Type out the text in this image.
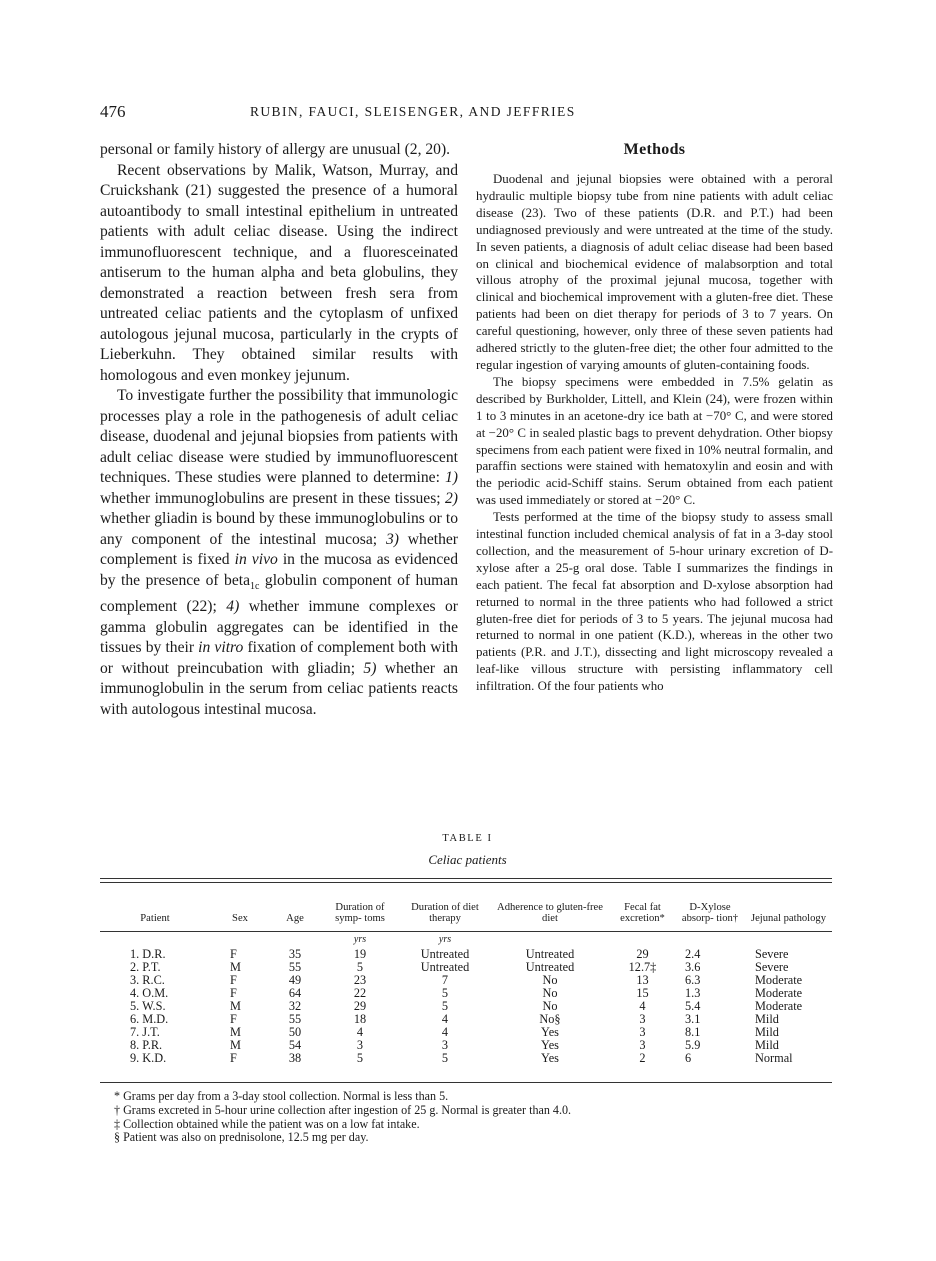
476	RUBIN, FAUCI, SLEISENGER, AND JEFFRIES

personal or family history of allergy are unusual (2, 20).

Recent observations by Malik, Watson, Murray, and Cruickshank (21) suggested the presence of a humoral autoantibody to small intestinal epithelium in untreated patients with adult celiac disease. Using the indirect immunofluorescent technique, and a fluoresceinated antiserum to the human alpha and beta globulins, they demonstrated a reaction between fresh sera from untreated celiac patients and the cytoplasm of unfixed autologous jejunal mucosa, particularly in the crypts of Lieberkuhn. They obtained similar results with homologous and even monkey jejunum.

To investigate further the possibility that immunologic processes play a role in the pathogenesis of adult celiac disease, duodenal and jejunal biopsies from patients with adult celiac disease were studied by immunofluorescent techniques. These studies were planned to determine: 1) whether immunoglobulins are present in these tissues; 2) whether gliadin is bound by these immunoglobulins or to any component of the intestinal mucosa; 3) whether complement is fixed in vivo in the mucosa as evidenced by the presence of beta$_{1c}$ globulin component of human complement (22); 4) whether immune complexes or gamma globulin aggregates can be identified in the tissues by their in vitro fixation of complement both with or without preincubation with gliadin; 5) whether an immunoglobulin in the serum from celiac patients reacts with autologous intestinal mucosa.

Methods

Duodenal and jejunal biopsies were obtained with a peroral hydraulic multiple biopsy tube from nine patients with adult celiac disease (23). Two of these patients (D.R. and P.T.) had been undiagnosed previously and were untreated at the time of the study. In seven patients, a diagnosis of adult celiac disease had been based on clinical and biochemical evidence of malabsorption and total villous atrophy of the proximal jejunal mucosa, together with clinical and biochemical improvement with a gluten-free diet. These patients had been on diet therapy for periods of 3 to 7 years. On careful questioning, however, only three of these seven patients had adhered strictly to the gluten-free diet; the other four admitted to the regular ingestion of varying amounts of gluten-containing foods.

The biopsy specimens were embedded in 7.5% gelatin as described by Burkholder, Littell, and Klein (24), were frozen within 1 to 3 minutes in an acetone-dry ice bath at −70° C, and were stored at −20° C in sealed plastic bags to prevent dehydration. Other biopsy specimens from each patient were fixed in 10% neutral formalin, and paraffin sections were stained with hematoxylin and eosin and with the periodic acid-Schiff stains. Serum obtained from each patient was used immediately or stored at −20° C.

Tests performed at the time of the biopsy study to assess small intestinal function included chemical analysis of fat in a 3-day stool collection, and the measurement of 5-hour urinary excretion of D-xylose after a 25-g oral dose. Table I summarizes the findings in each patient. The fecal fat absorption and D-xylose absorption had returned to normal in the three patients who had followed a strict gluten-free diet for periods of 3 to 5 years. The jejunal mucosa had returned to normal in one patient (K.D.), whereas in the other two patients (P.R. and J.T.), dissecting and light microscopy revealed a leaf-like villous structure with persisting inflammatory cell infiltration. Of the four patients who

TABLE I
Celiac patients
Patient	Sex	Age	Duration of symp- toms	Duration of diet therapy	Adherence to gluten-free diet	Fecal fat excretion*	D-Xylose absorp- tion†	Jejunal pathology
			yrs	yrs				
1. D.R.	F	35	19	Untreated	Untreated	29	2.4	Severe
2. P.T.	M	55	5	Untreated	Untreated	12.7‡	3.6	Severe
3. R.C.	F	49	23	7	No	13	6.3	Moderate
4. O.M.	F	64	22	5	No	15	1.3	Moderate
5. W.S.	M	32	29	5	No	4	5.4	Moderate
6. M.D.	F	55	18	4	No§	3	3.1	Mild
7. J.T.	M	50	4	4	Yes	3	8.1	Mild
8. P.R.	M	54	3	3	Yes	3	5.9	Mild
9. K.D.	F	38	5	5	Yes	2	6	Normal
* Grams per day from a 3-day stool collection. Normal is less than 5.
† Grams excreted in 5-hour urine collection after ingestion of 25 g. Normal is greater than 4.0.
‡ Collection obtained while the patient was on a low fat intake.
§ Patient was also on prednisolone, 12.5 mg per day.
